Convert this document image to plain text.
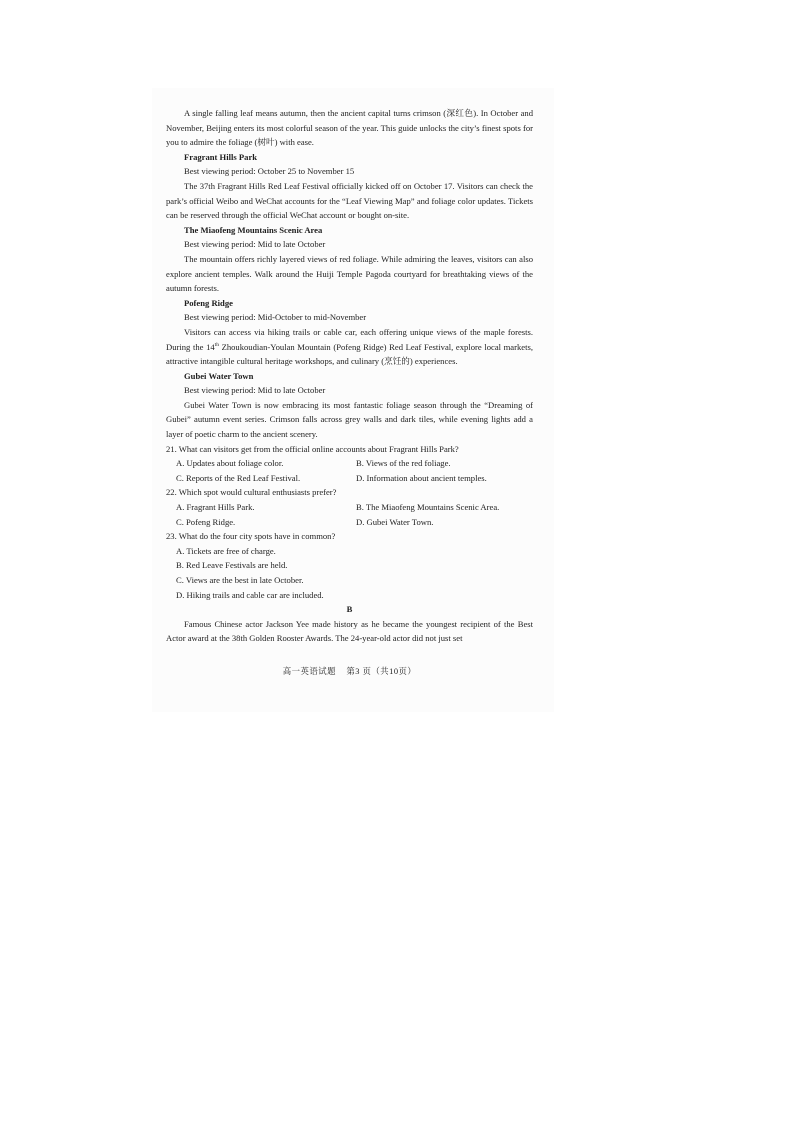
A single falling leaf means autumn, then the ancient capital turns crimson (深红色). In October and November, Beijing enters its most colorful season of the year. This guide unlocks the city’s finest spots for you to admire the foliage (树叶) with ease.

Fragrant Hills Park

Best viewing period: October 25 to November 15

The 37th Fragrant Hills Red Leaf Festival officially kicked off on October 17. Visitors can check the park’s official Weibo and WeChat accounts for the “Leaf Viewing Map” and foliage color updates. Tickets can be reserved through the official WeChat account or bought on-site.

The Miaofeng Mountains Scenic Area

Best viewing period: Mid to late October

The mountain offers richly layered views of red foliage. While admiring the leaves, visitors can also explore ancient temples. Walk around the Huiji Temple Pagoda courtyard for breathtaking views of the autumn forests.

Pofeng Ridge

Best viewing period: Mid-October to mid-November

Visitors can access via hiking trails or cable car, each offering unique views of the maple forests. During the 14th Zhoukoudian-Youlan Mountain (Pofeng Ridge) Red Leaf Festival, explore local markets, attractive intangible cultural heritage workshops, and culinary (烹饪的) experiences.

Gubei Water Town

Best viewing period: Mid to late October

Gubei Water Town is now embracing its most fantastic foliage season through the “Dreaming of Gubei” autumn event series. Crimson falls across grey walls and dark tiles, while evening lights add a layer of poetic charm to the ancient scenery.

21. What can visitors get from the official online accounts about Fragrant Hills Park?

A. Updates about foliage color.	B. Views of the red foliage.
C. Reports of the Red Leaf Festival.	D. Information about ancient temples.

22. Which spot would cultural enthusiasts prefer?

A. Fragrant Hills Park.	B. The Miaofeng Mountains Scenic Area.
C. Pofeng Ridge.	D. Gubei Water Town.

23. What do the four city spots have in common?

A. Tickets are free of charge.

B. Red Leave Festivals are held.

C. Views are the best in late October.

D. Hiking trails and cable car are included.

B

Famous Chinese actor Jackson Yee made history as he became the youngest recipient of the Best Actor award at the 38th Golden Rooster Awards. The 24-year-old actor did not just set

高一英语试题 第3 页（共10页）
